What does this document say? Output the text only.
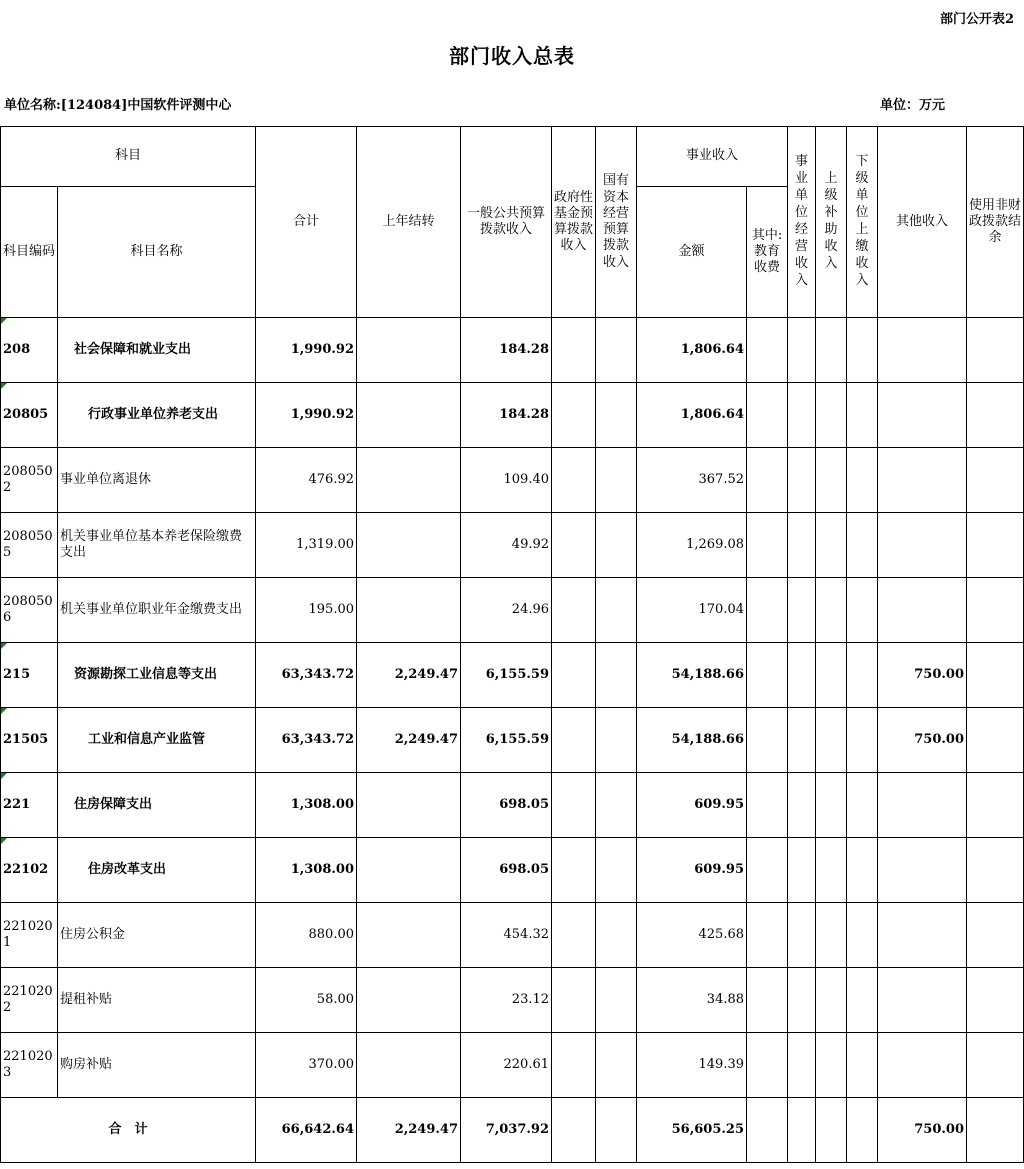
部门公开表2
部门收入总表
单位名称:[124084]中国软件评测中心	单位：万元
科目		合计	上年结转	一般公共预算拨款收入	政府性基金预算拨款收入	国有资本经营预算拨款收入	事业收入		事业单位经营收入	上级补助收入	下级单位上缴收入	其他收入	使用非财政拨款结余
科目编码	科目名称						金额	其中:教育收费					
208	社会保障和就业支出	1,990.92		184.28			1,806.64						
20805	行政事业单位养老支出	1,990.92		184.28			1,806.64						
2080502	事业单位离退休	476.92		109.40			367.52						
2080505	机关事业单位基本养老保险缴费支出	1,319.00		49.92			1,269.08						
2080506	机关事业单位职业年金缴费支出	195.00		24.96			170.04						
215	资源勘探工业信息等支出	63,343.72	2,249.47	6,155.59			54,188.66					750.00	
21505	工业和信息产业监管	63,343.72	2,249.47	6,155.59			54,188.66					750.00	
221	住房保障支出	1,308.00		698.05			609.95						
22102	住房改革支出	1,308.00		698.05			609.95						
2210201	住房公积金	880.00		454.32			425.68						
2210202	提租补贴	58.00		23.12			34.88						
2210203	购房补贴	370.00		220.61			149.39						
合　计		66,642.64	2,249.47	7,037.92			56,605.25					750.00	
